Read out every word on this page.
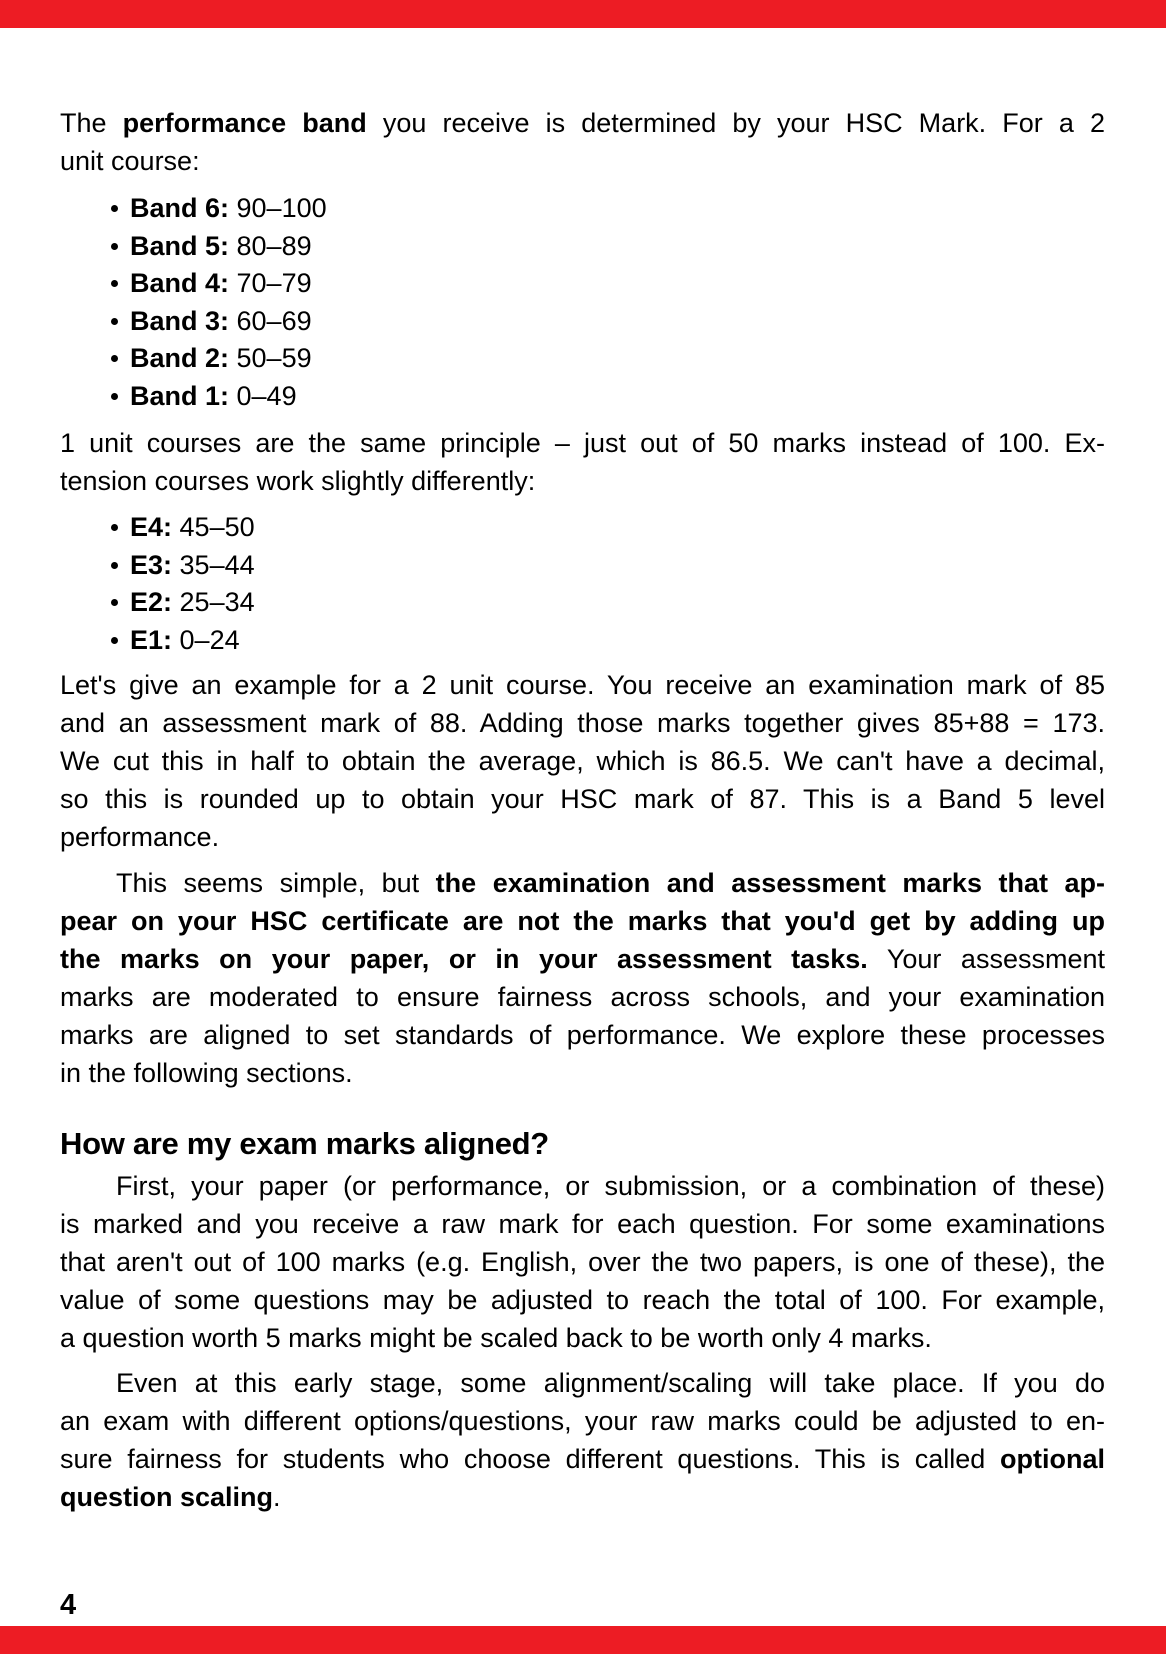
The performance band you receive is determined by your HSC Mark. For a 2
unit course:
Band 6: 90–100
Band 5: 80–89
Band 4: 70–79
Band 3: 60–69
Band 2: 50–59
Band 1: 0–49
1 unit courses are the same principle – just out of 50 marks instead of 100. Ex-
tension courses work slightly differently:
E4: 45–50
E3: 35–44
E2: 25–34
E1: 0–24
Let's give an example for a 2 unit course. You receive an examination mark of 85
and an assessment mark of 88. Adding those marks together gives 85+88 = 173.
We cut this in half to obtain the average, which is 86.5. We can't have a decimal,
so this is rounded up to obtain your HSC mark of 87. This is a Band 5 level
performance.
This seems simple, but the examination and assessment marks that ap-
pear on your HSC certificate are not the marks that you'd get by adding up
the marks on your paper, or in your assessment tasks. Your assessment
marks are moderated to ensure fairness across schools, and your examination
marks are aligned to set standards of performance. We explore these processes
in the following sections.
How are my exam marks aligned?
First, your paper (or performance, or submission, or a combination of these)
is marked and you receive a raw mark for each question. For some examinations
that aren't out of 100 marks (e.g. English, over the two papers, is one of these), the
value of some questions may be adjusted to reach the total of 100. For example,
a question worth 5 marks might be scaled back to be worth only 4 marks.
Even at this early stage, some alignment/scaling will take place. If you do
an exam with different options/questions, your raw marks could be adjusted to en-
sure fairness for students who choose different questions. This is called optional
question scaling.
4
